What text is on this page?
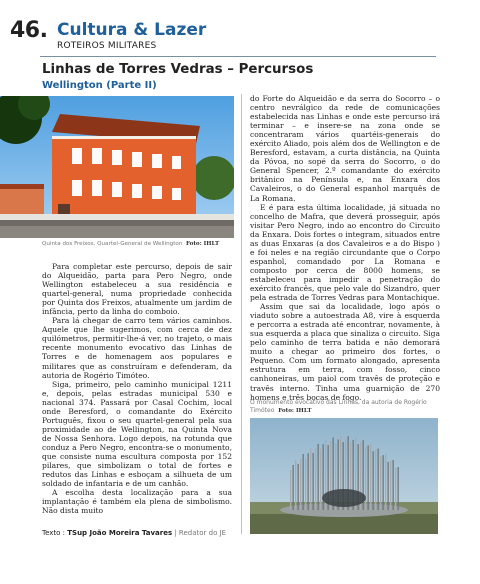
46. Cultura & Lazer
ROTEIROS MILITARES
Linhas de Torres Vedras – Percursos
Wellington (Parte II)
Quinta dos Freixos, Quartel-General de Wellington Foto: IHLT

Para completar este percurso, depois de sair do Alqueidão, parta para Pero Negro, onde Wellington estabeleceu a sua residência e quartel-general, numa propriedade conhecida por Quinta dos Freixos, atualmente um jardim de infância, perto da linha do comboio.

Para lá chegar de carro tem vários caminhos. Aquele que lhe sugerimos, com cerca de dez quilómetros, permitir-lhe-á ver, no trajeto, o mais recente monumento evocativo das Linhas de Torres e de homenagem aos populares e militares que as construíram e defenderam, da autoria de Rogério Timóteo.

Siga, primeiro, pelo caminho municipal 1211 e, depois, pelas estradas municipal 530 e nacional 374. Passará por Casal Cochim, local onde Beresford, o comandante do Exército Português, fixou o seu quartel-general pela sua proximidade ao de Wellington, na Quinta Nova de Nossa Senhora. Logo depois, na rotunda que conduz a Pero Negro, encontra-se o monumento, que consiste numa escultura composta por 152 pilares, que simbolizam o total de fortes e redutos das Linhas e esboçam a silhueta de um soldado de infantaria e de um canhão.

A escolha desta localização para a sua implantação é também ela plena de simbolismo. Não dista muito

do Forte do Alqueidão e da serra do Socorro – o centro nevrálgico da rede de comunicações estabelecida nas Linhas e onde este percurso irá terminar – e insere-se na zona onde se concentraram vários quartéis-generais do exército Aliado, pois além dos de Wellington e de Beresford, estavam, a curta distância, na Quinta da Póvoa, no sopé da serra do Socorro, o do General Spencer, 2.º comandante do exército britânico na Península e, na Enxara dos Cavaleiros, o do General espanhol marquês de La Romana.

E é para esta última localidade, já situada no concelho de Mafra, que deverá prosseguir, após visitar Pero Negro, indo ao encontro do Circuito da Enxara. Dois fortes o integram, situados entre as duas Enxaras (a dos Cavaleiros e a do Bispo ) e foi neles e na região circundante que o Corpo espanhol, comandado por La Romana e composto por cerca de 8000 homens, se estabeleceu para impedir a penetração do exército francês, que pelo vale do Sizandro, quer pela estrada de Torres Vedras para Montachique.

Assim que sai da localidade, logo após o viaduto sobre a autoestrada A8, vire à esquerda e percorra a estrada até encontrar, novamente, à sua esquerda a placa que sinaliza o circuito. Siga pelo caminho de terra batida e não demorará muito a chegar ao primeiro dos fortes, o Pequeno. Com um formato alongado, apresenta estrutura em terra, com fosso, cinco canhoneiras, um paiol com travês de proteção e travês interno. Tinha uma guarnição de 270 homens e três bocas de fogo.

O monumento evocativo das Linhas, da autoria de Rogério Timóteo Foto: IHLT
Texto : TSup João Moreira Tavares | Redator do JE
